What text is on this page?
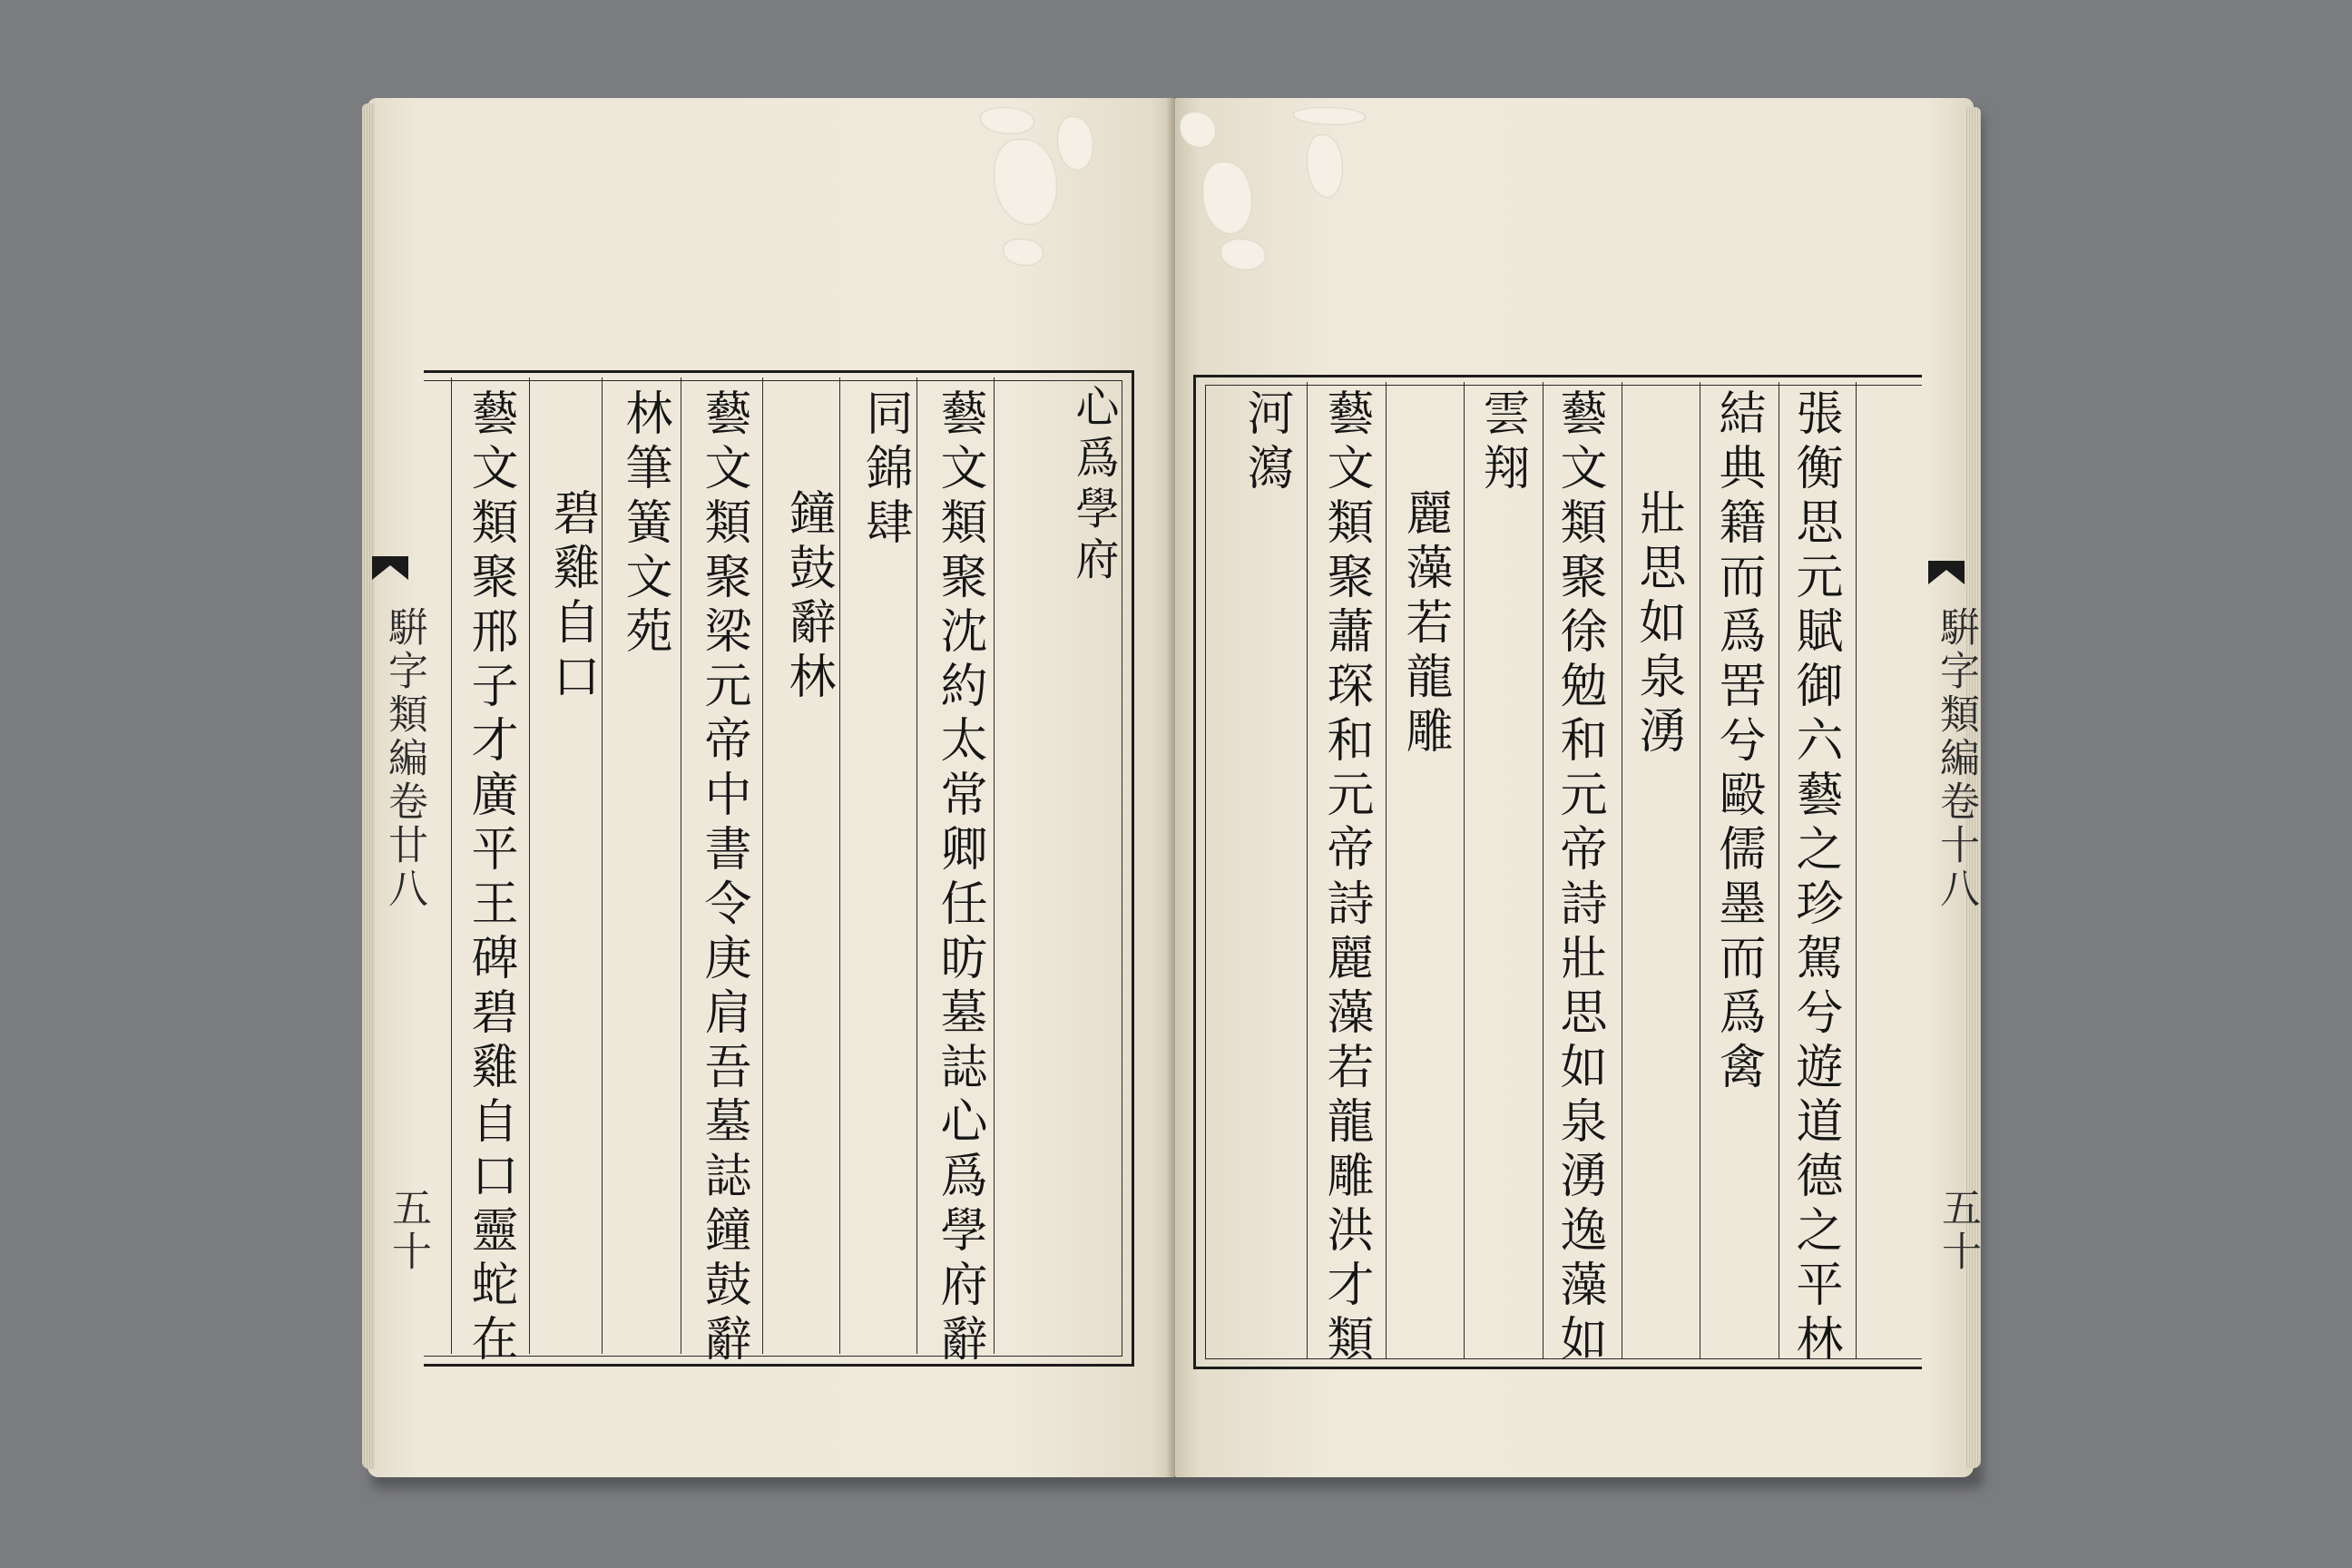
心爲學府
藝文類聚沈約太常卿任昉墓誌心爲學府辭
同錦肆
鐘鼓辭林
藝文類聚梁元帝中書令庚肩吾墓誌鐘鼓辭
林筆簧文苑
碧雞自口
藝文類聚邢子才廣平王碑碧雞自口靈蛇在
騈字類編卷廿八
五十	張衡思元賦御六藝之珍駕兮遊道德之平林
結典籍而爲罟兮毆儒墨而爲禽
壯思如泉湧
藝文類聚徐勉和元帝詩壯思如泉湧逸藻如
雲翔
麗藻若龍雕
藝文類聚蕭琛和元帝詩麗藻若龍雕洪才類
河瀉
騈字類編卷十八
五十
